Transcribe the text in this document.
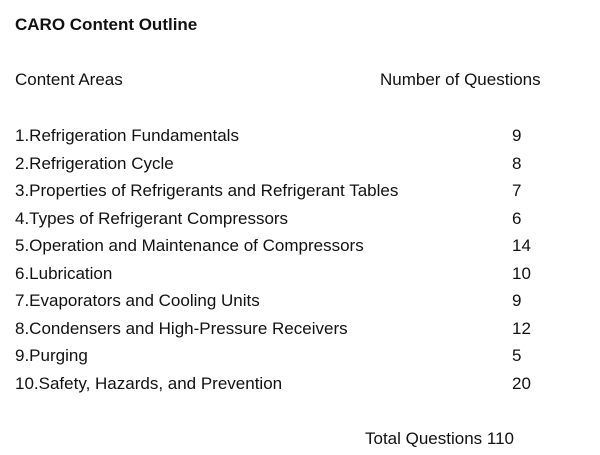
CARO Content Outline
Content Areas	Number of Questions
1.Refrigeration Fundamentals	9
2.Refrigeration Cycle	8
3.Properties of Refrigerants and Refrigerant Tables	7
4.Types of Refrigerant Compressors	6
5.Operation and Maintenance of Compressors	14
6.Lubrication	10
7.Evaporators and Cooling Units	9
8.Condensers and High-Pressure Receivers	12
9.Purging	5
10.Safety, Hazards, and Prevention	20
Total Questions 110
